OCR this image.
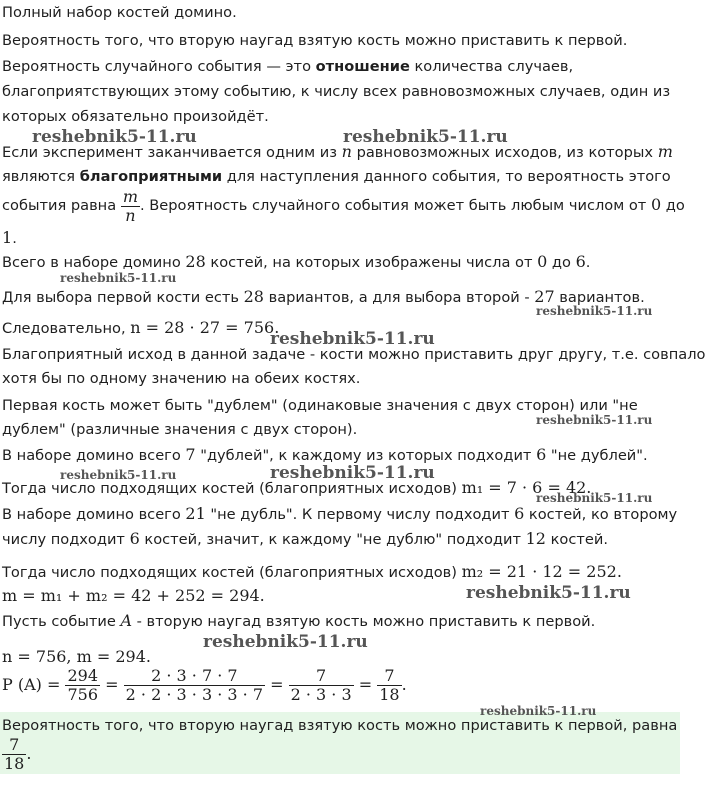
Полный набор костей домино.
Вероятность того, что вторую наугад взятую кость можно приставить к первой.
Вероятность случайного события — это отношение количества случаев,
благоприятствующих этому событию, к числу всех равновозможных случаев, один из
которых обязательно произойдёт.
Если эксперимент заканчивается одним из n равновозможных исходов, из которых m
являются благоприятными для наступления данного события, то вероятность этого
события равна $\frac{m}{n}$ . Вероятность случайного события может быть любым числом от 0 до
1.
Всего в наборе домино 28 костей, на которых изображены числа от 0 до 6.
Для выбора первой кости есть 28 вариантов, а для выбора второй - 27 вариантов.
Следовательно, n = 28 · 27 = 756.
Благоприятный исход в данной задаче - кости можно приставить друг другу, т.е. совпало
хотя бы по одному значению на обеих костях.
Первая кость может быть "дублем" (одинаковые значения с двух сторон) или "не
дублем" (различные значения с двух сторон).
В наборе домино всего 7 "дублей", к каждому из которых подходит 6 "не дублей".
Тогда число подходящих костей (благоприятных исходов) m₁ = 7 · 6 = 42.
В наборе домино всего 21 "не дубль". К первому числу подходит 6 костей, ко второму
числу подходит 6 костей, значит, к каждому "не дублю" подходит 12 костей.
Тогда число подходящих костей (благоприятных исходов) m₂ = 21 · 12 = 252.
m = m₁ + m₂ = 42 + 252 = 294.
Пусть событие A - вторую наугад взятую кость можно приставить к первой.
n = 756, m = 294.
P $(A) = \frac{294}{756} = \frac{2 \cdot 3 \cdot 7 \cdot 7}{2 \cdot 2 \cdot 3 \cdot 3 \cdot 3 \cdot 7} = \frac{7}{2 \cdot 3 \cdot 3} = \frac{7}{18}$ .
Вероятность того, что вторую наугад взятую кость можно приставить к первой, равна
$\frac{7}{18}$ .
reshebnik5-11.ru	reshebnik5-11.ru
reshebnik5-11.ru
reshebnik5-11.ru
reshebnik5-11.ru
reshebnik5-11.ru
reshebnik5-11.ru	reshebnik5-11.ru
reshebnik5-11.ru
reshebnik5-11.ru
reshebnik5-11.ru
reshebnik5-11.ru
